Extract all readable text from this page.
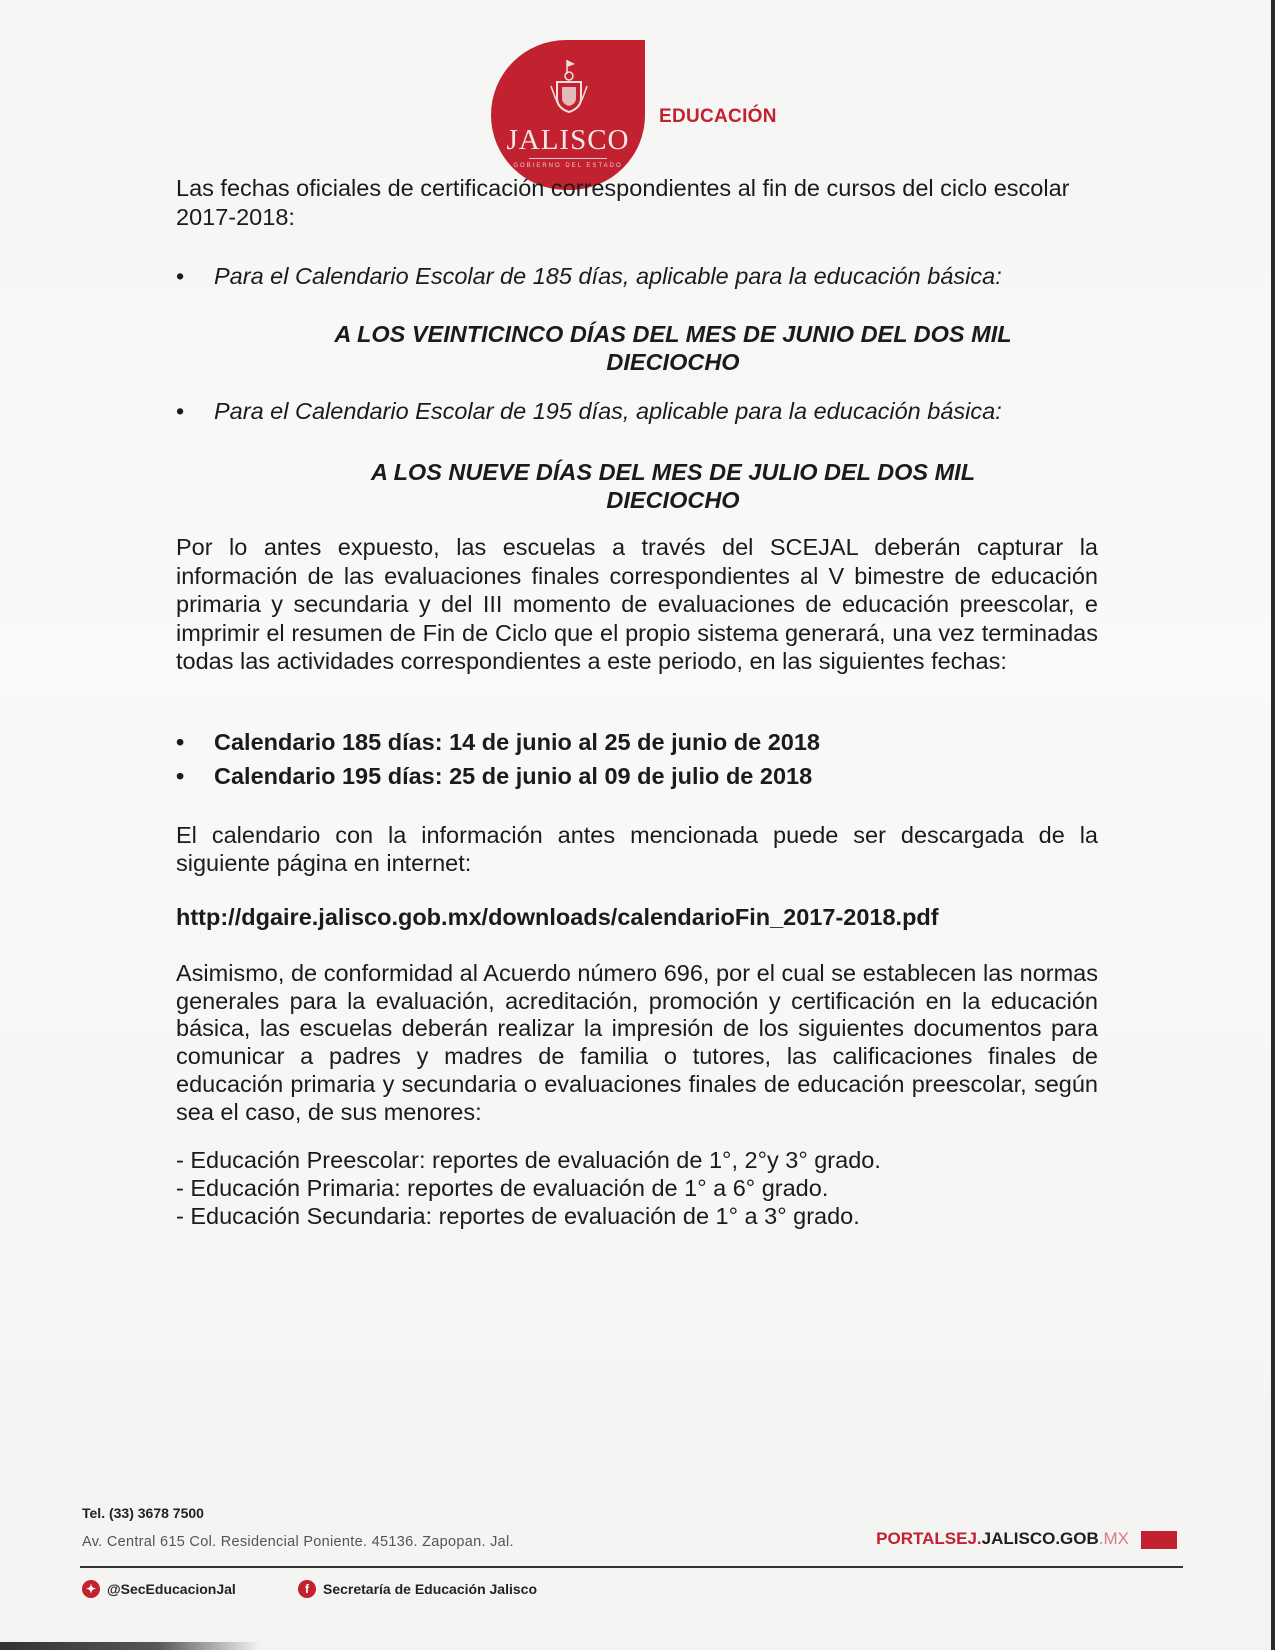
JALISCO
GOBIERNO DEL ESTADO
EDUCACIÓN
Las fechas oficiales de certificación correspondientes al fin de cursos del ciclo escolar 2017-2018:
• Para el Calendario Escolar de 185 días, aplicable para la educación básica:
A LOS VEINTICINCO DÍAS DEL MES DE JUNIO DEL DOS MIL
DIECIOCHO
• Para el Calendario Escolar de 195 días, aplicable para la educación básica:
A LOS NUEVE DÍAS DEL MES DE JULIO DEL DOS MIL
DIECIOCHO
Por lo antes expuesto, las escuelas a través del SCEJAL deberán capturar la información de las evaluaciones finales correspondientes al V bimestre de educación primaria y secundaria y del III momento de evaluaciones de educación preescolar, e imprimir el resumen de Fin de Ciclo que el propio sistema generará, una vez terminadas todas las actividades correspondientes a este periodo, en las siguientes fechas:
• Calendario 185 días: 14 de junio al 25 de junio de 2018
• Calendario 195 días: 25 de junio al 09 de julio de 2018
El calendario con la información antes mencionada puede ser descargada de la siguiente página en internet:
http://dgaire.jalisco.gob.mx/downloads/calendarioFin_2017-2018.pdf
Asimismo, de conformidad al Acuerdo número 696, por el cual se establecen las normas generales para la evaluación, acreditación, promoción y certificación en la educación básica, las escuelas deberán realizar la impresión de los siguientes documentos para comunicar a padres y madres de familia o tutores, las calificaciones finales de educación primaria y secundaria o evaluaciones finales de educación preescolar, según sea el caso, de sus menores:
- Educación Preescolar: reportes de evaluación de 1°, 2°y 3° grado.
- Educación Primaria: reportes de evaluación de 1° a 6° grado.
- Educación Secundaria: reportes de evaluación de 1° a 3° grado.
Tel. (33) 3678 7500
Av. Central 615 Col. Residencial Poniente. 45136. Zapopan. Jal.	PORTALSEJ.JALISCO.GOB.MX
✦ @SecEducacionJal	f	Secretaría de Educación Jalisco
